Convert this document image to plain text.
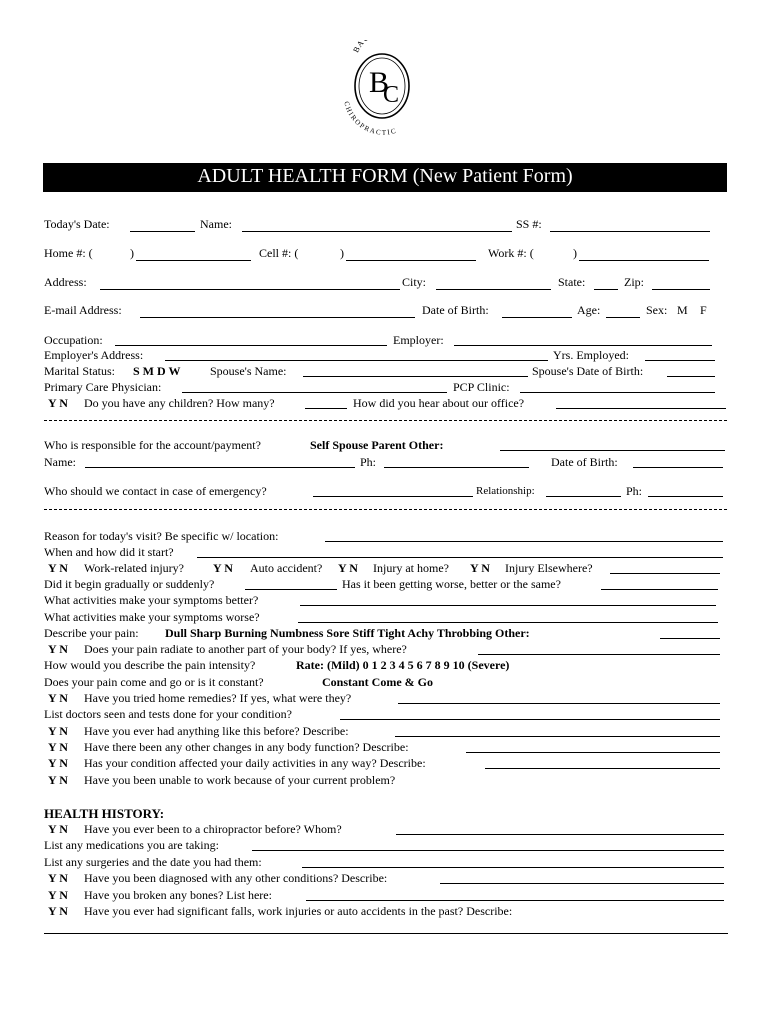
BA
CHIROPRACTIC
B
C
ADULT HEALTH FORM (New Patient Form)
Today's Date:	Name:	SS #:
Home #: (	)	Cell #: (	)	Work #: (	)
Address:	City:	State:	Zip:
E-mail Address:	Date of Birth:	Age:	Sex: M F
Occupation:	Employer:
Employer's Address:	Yrs. Employed:
Marital Status: S M D W Spouse's Name:	Spouse's Date of Birth:
Primary Care Physician:	PCP Clinic:
Y N Do you have any children? How many?	How did you hear about our office?
Who is responsible for the account/payment?	Self Spouse Parent Other:
Name:	Ph:	Date of Birth:
Who should we contact in case of emergency?	Relationship:	Ph:
Reason for today's visit? Be specific w/ location:
When and how did it start?
Y N Work-related injury? Y N Auto accident? Y N Injury at home? Y N Injury Elsewhere?
Did it begin gradually or suddenly?	Has it been getting worse, better or the same?
What activities make your symptoms better?
What activities make your symptoms worse?
Describe your pain: Dull Sharp Burning Numbness Sore Stiff Tight Achy Throbbing Other:
Y N Does your pain radiate to another part of your body? If yes, where?
How would you describe the pain intensity?	Rate: (Mild) 0 1 2 3 4 5 6 7 8 9 10 (Severe)
Does your pain come and go or is it constant?	Constant Come & Go
Y N Have you tried home remedies? If yes, what were they?
List doctors seen and tests done for your condition?
Y N Have you ever had anything like this before? Describe:
Y N Have there been any other changes in any body function? Describe:
Y N Has your condition affected your daily activities in any way? Describe:
Y N Have you been unable to work because of your current problem?
HEALTH HISTORY:
Y N Have you ever been to a chiropractor before? Whom?
List any medications you are taking:
List any surgeries and the date you had them:
Y N Have you been diagnosed with any other conditions? Describe:
Y N Have you broken any bones? List here:
Y N Have you ever had significant falls, work injuries or auto accidents in the past? Describe:
